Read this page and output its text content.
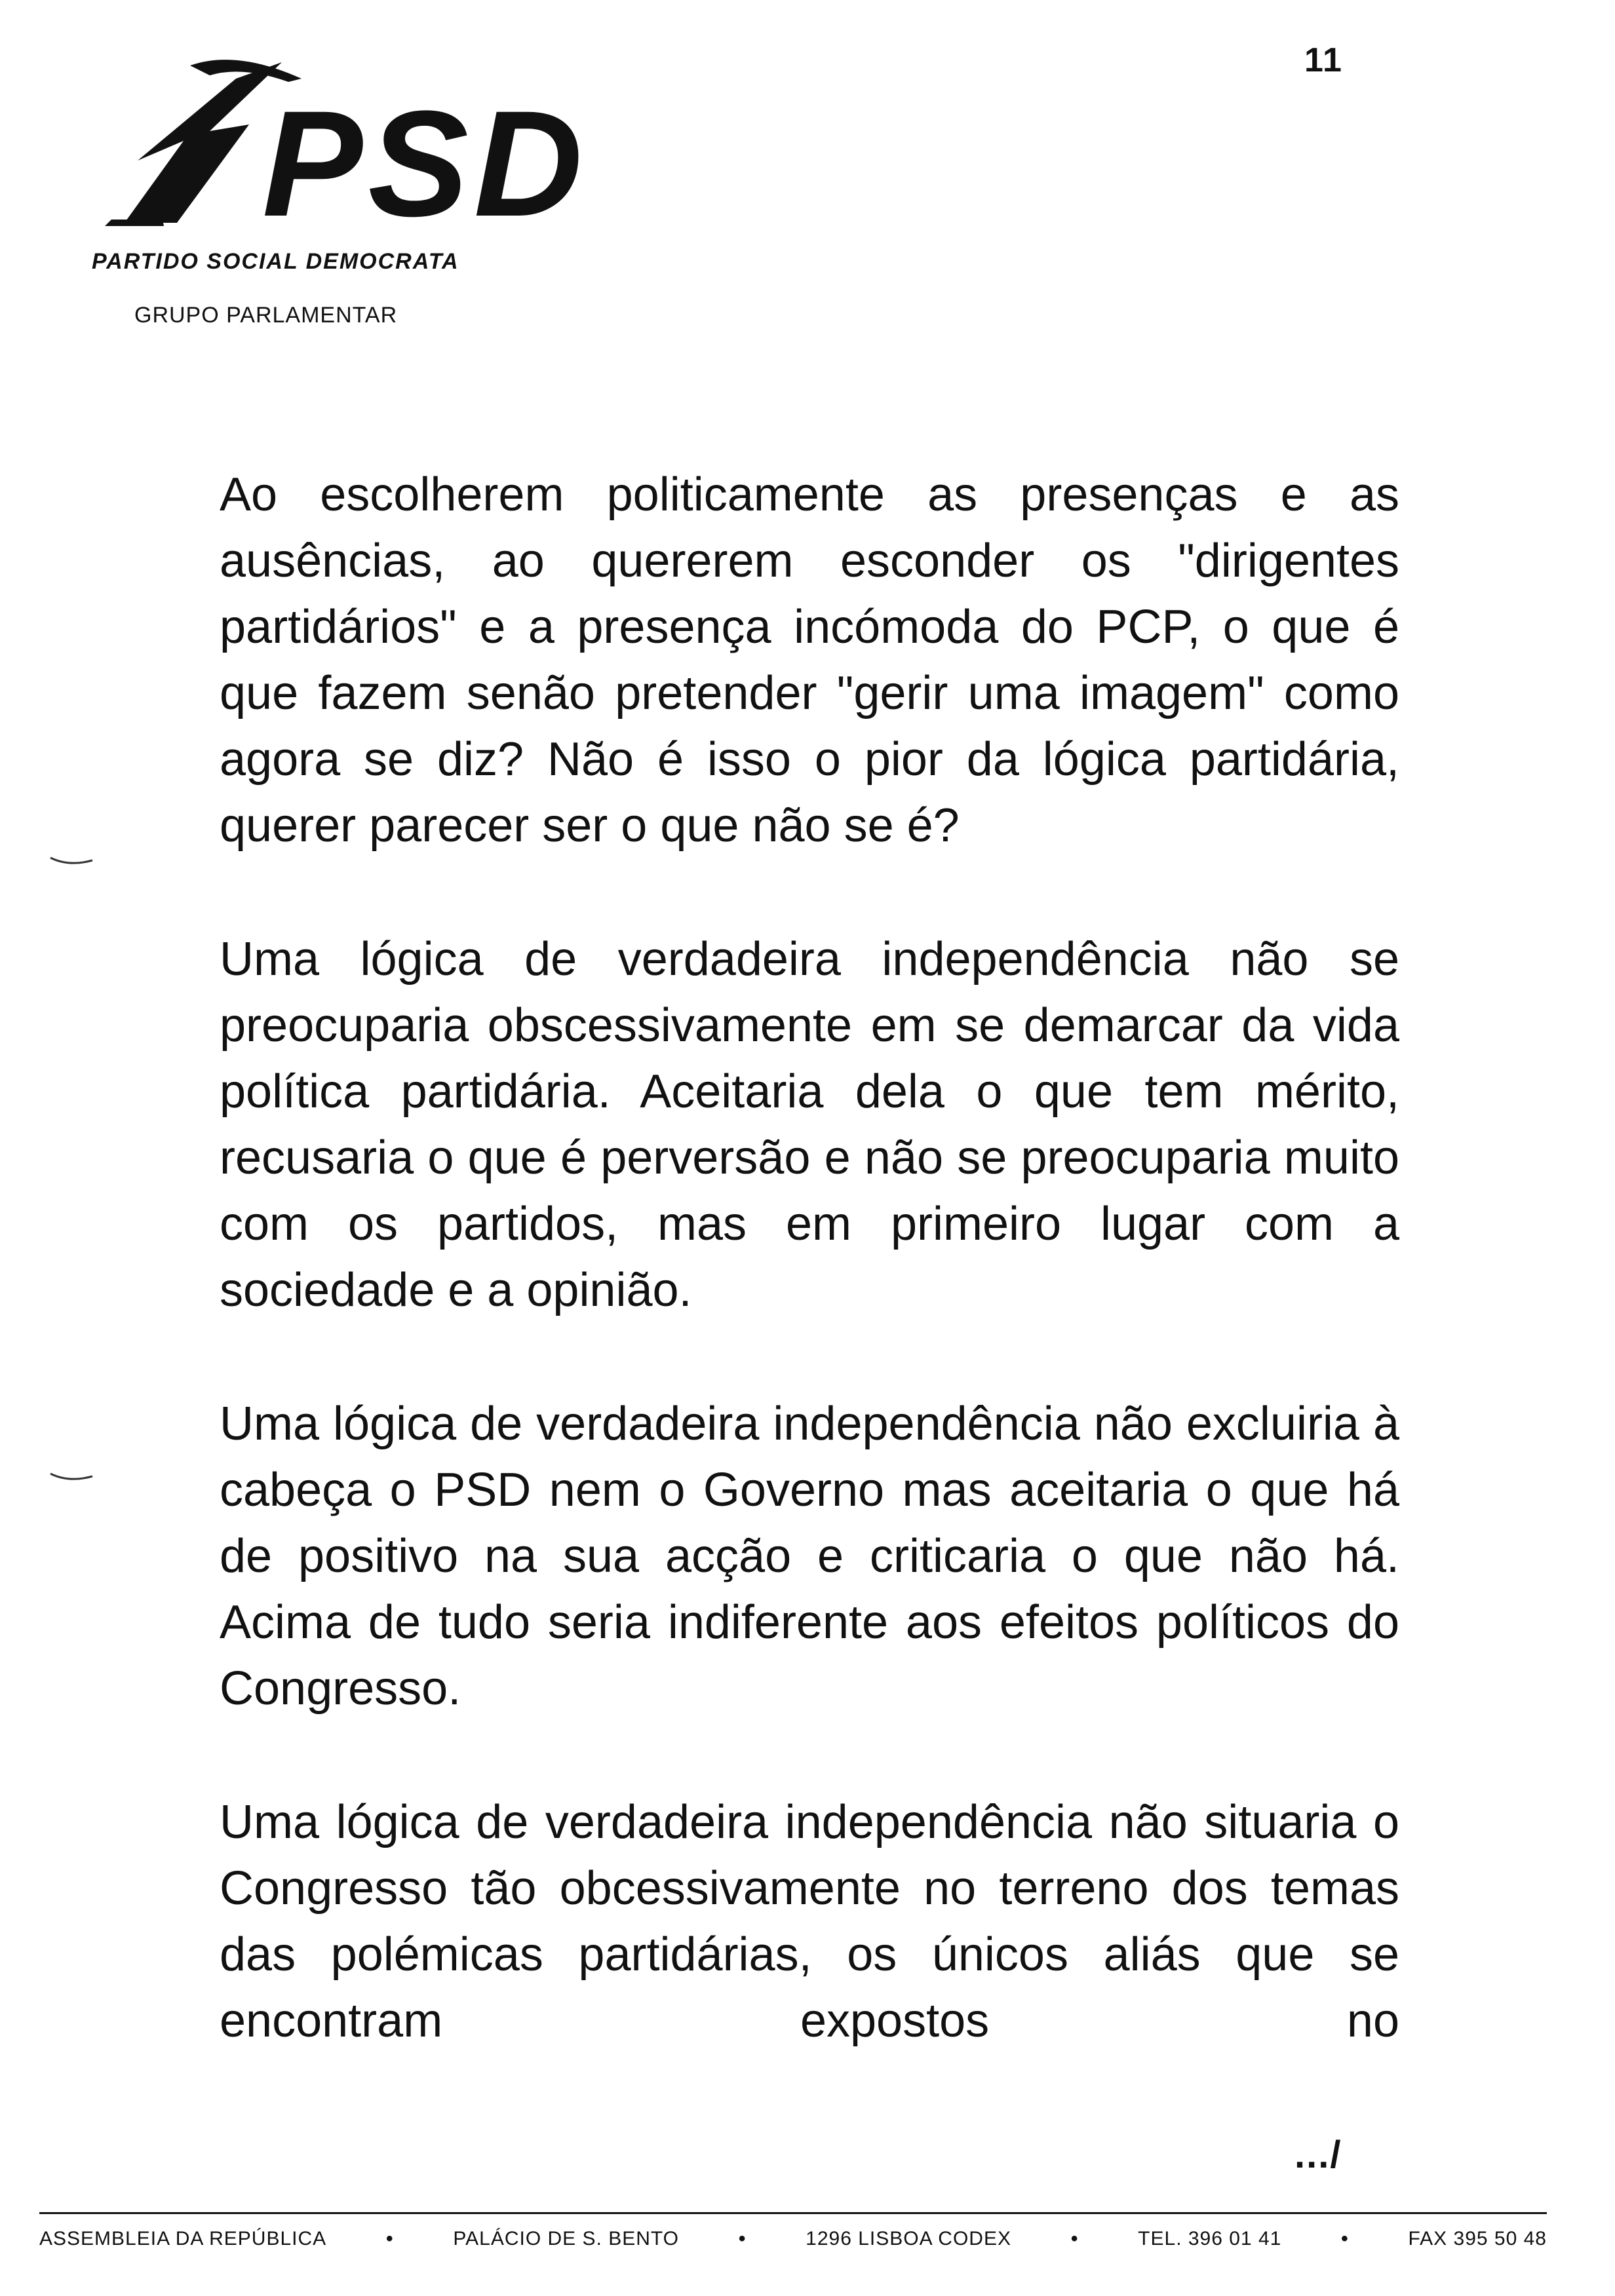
11
PSD
PARTIDO SOCIAL DEMOCRATA
GRUPO PARLAMENTAR

Ao escolherem politicamente as presenças e as ausências, ao quererem esconder os "dirigentes partidários" e a presença incómoda do PCP, o que é que fazem senão pretender "gerir uma imagem" como agora se diz? Não é isso o pior da lógica partidária, querer parecer ser o que não se é?

Uma lógica de verdadeira independência não se preocuparia obscessivamente em se demarcar da vida política partidária. Aceitaria dela o que tem mérito, recusaria o que é perversão e não se preocuparia muito com os partidos, mas em primeiro lugar com a sociedade e a opinião.

Uma lógica de verdadeira independência não excluiria à cabeça o PSD nem o Governo mas aceitaria o que há de positivo na sua acção e criticaria o que não há. Acima de tudo seria indiferente aos efeitos políticos do Congresso.

Uma lógica de verdadeira independência não situaria o Congresso tão obcessivamente no terreno dos temas das polémicas partidárias, os únicos aliás que se encontram expostos no

.../
ASSEMBLEIA DA REPÚBLICA	•	PALÁCIO DE S. BENTO	•	1296 LISBOA CODEX	•	TEL. 396 01 41	•	FAX 395 50 48
